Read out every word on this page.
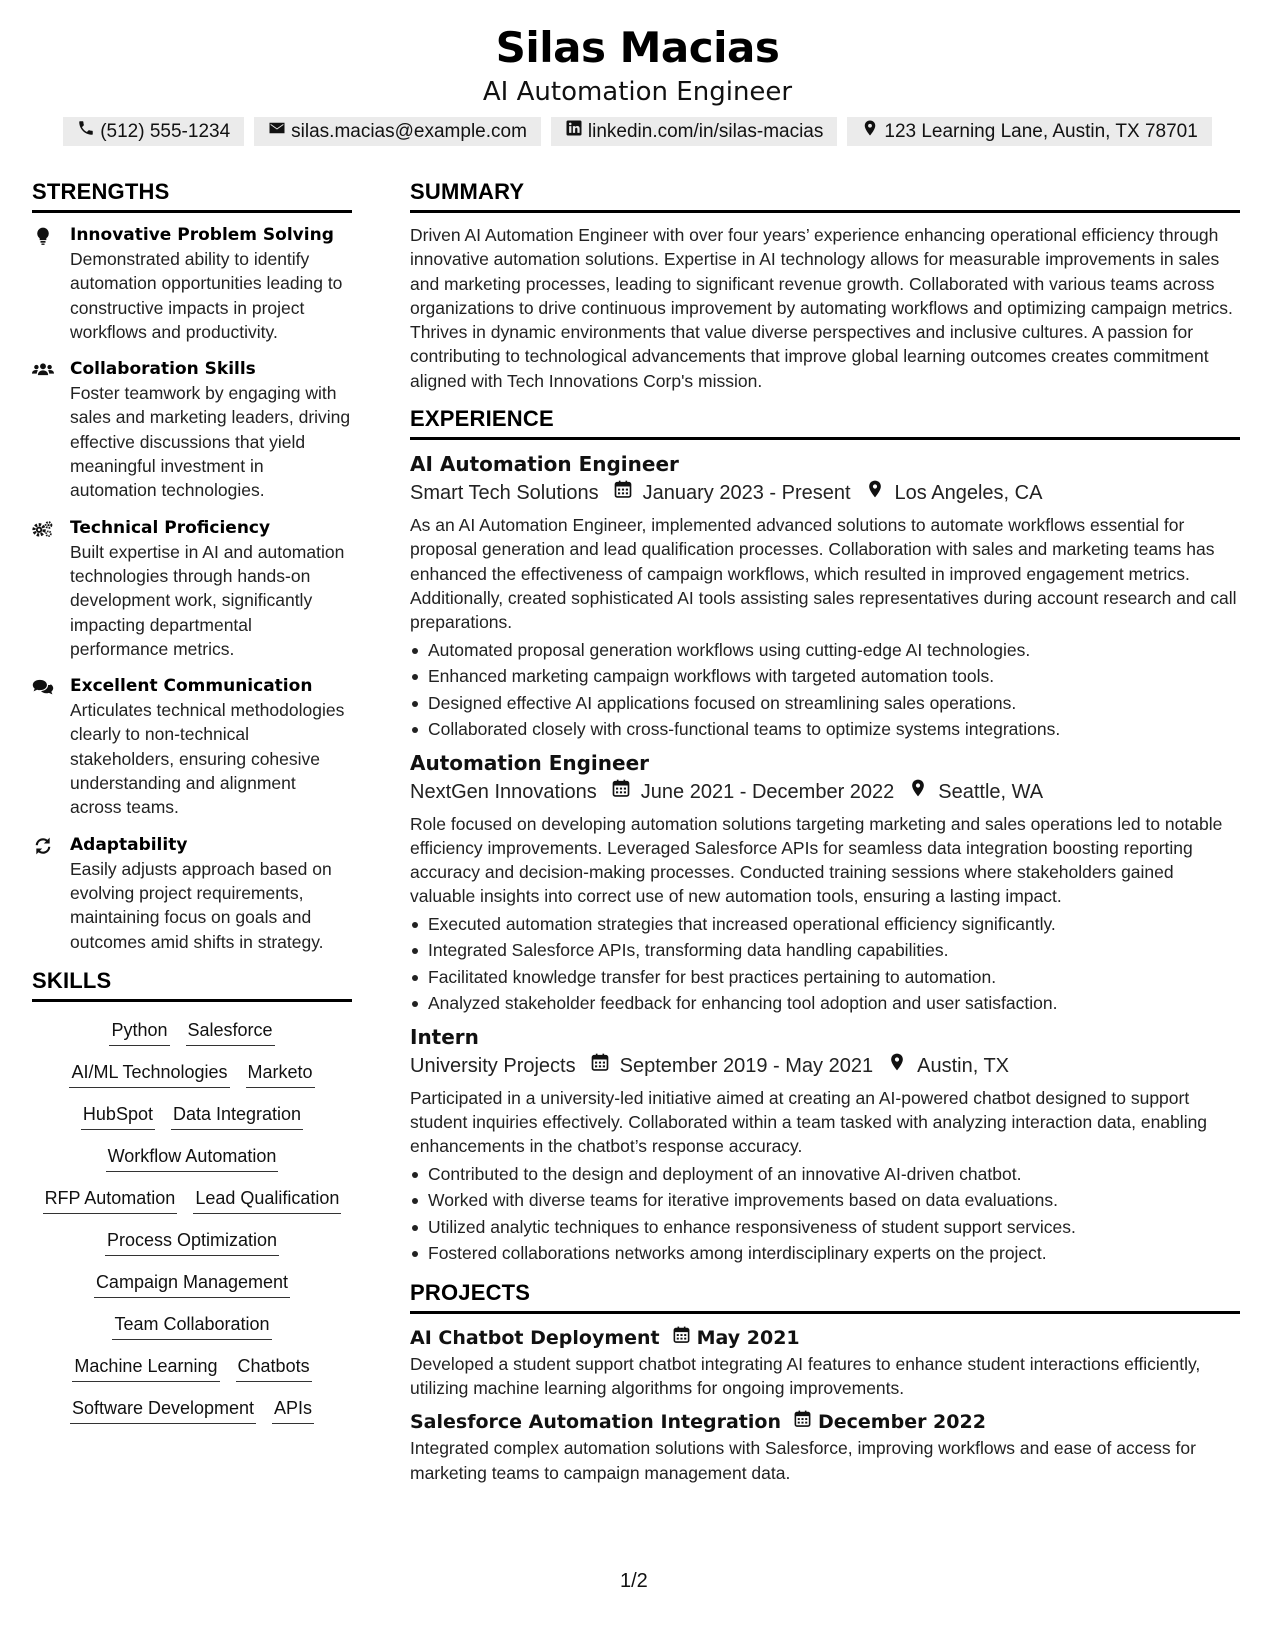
Silas Macias
AI Automation Engineer
(512) 555-1234	silas.macias@example.com	linkedin.com/in/silas-macias	123 Learning Lane, Austin, TX 78701
STRENGTHS
Innovative Problem Solving
Demonstrated ability to identify automation opportunities leading to constructive impacts in project workflows and productivity.
Collaboration Skills
Foster teamwork by engaging with sales and marketing leaders, driving effective discussions that yield meaningful investment in automation technologies.
Technical Proficiency
Built expertise in AI and automation technologies through hands-on development work, significantly impacting departmental performance metrics.
Excellent Communication
Articulates technical methodologies clearly to non-technical stakeholders, ensuring cohesive understanding and alignment across teams.
Adaptability
Easily adjusts approach based on evolving project requirements, maintaining focus on goals and outcomes amid shifts in strategy.
SKILLS
Python Salesforce
AI/ML Technologies Marketo
HubSpot Data Integration
Workflow Automation
RFP Automation Lead Qualification
Process Optimization
Campaign Management
Team Collaboration
Machine Learning Chatbots
Software Development APIs
SUMMARY
Driven AI Automation Engineer with over four years’ experience enhancing operational efficiency through innovative automation solutions. Expertise in AI technology allows for measurable improvements in sales and marketing processes, leading to significant revenue growth. Collaborated with various teams across organizations to drive continuous improvement by automating workflows and optimizing campaign metrics. Thrives in dynamic environments that value diverse perspectives and inclusive cultures. A passion for contributing to technological advancements that improve global learning outcomes creates commitment aligned with Tech Innovations Corp's mission.
EXPERIENCE
AI Automation Engineer
Smart Tech Solutions January 2023 - Present Los Angeles, CA
As an AI Automation Engineer, implemented advanced solutions to automate workflows essential for proposal generation and lead qualification processes. Collaboration with sales and marketing teams has enhanced the effectiveness of campaign workflows, which resulted in improved engagement metrics. Additionally, created sophisticated AI tools assisting sales representatives during account research and call preparations.
Automated proposal generation workflows using cutting-edge AI technologies.
Enhanced marketing campaign workflows with targeted automation tools.
Designed effective AI applications focused on streamlining sales operations.
Collaborated closely with cross-functional teams to optimize systems integrations.
Automation Engineer
NextGen Innovations June 2021 - December 2022 Seattle, WA
Role focused on developing automation solutions targeting marketing and sales operations led to notable efficiency improvements. Leveraged Salesforce APIs for seamless data integration boosting reporting accuracy and decision-making processes. Conducted training sessions where stakeholders gained valuable insights into correct use of new automation tools, ensuring a lasting impact.
Executed automation strategies that increased operational efficiency significantly.
Integrated Salesforce APIs, transforming data handling capabilities.
Facilitated knowledge transfer for best practices pertaining to automation.
Analyzed stakeholder feedback for enhancing tool adoption and user satisfaction.
Intern
University Projects September 2019 - May 2021 Austin, TX
Participated in a university-led initiative aimed at creating an AI-powered chatbot designed to support student inquiries effectively. Collaborated within a team tasked with analyzing interaction data, enabling enhancements in the chatbot’s response accuracy.
Contributed to the design and deployment of an innovative AI-driven chatbot.
Worked with diverse teams for iterative improvements based on data evaluations.
Utilized analytic techniques to enhance responsiveness of student support services.
Fostered collaborations networks among interdisciplinary experts on the project.
PROJECTS
AI Chatbot Deployment May 2021
Developed a student support chatbot integrating AI features to enhance student interactions efficiently, utilizing machine learning algorithms for ongoing improvements.
Salesforce Automation Integration December 2022
Integrated complex automation solutions with Salesforce, improving workflows and ease of access for marketing teams to campaign management data.
1/2
